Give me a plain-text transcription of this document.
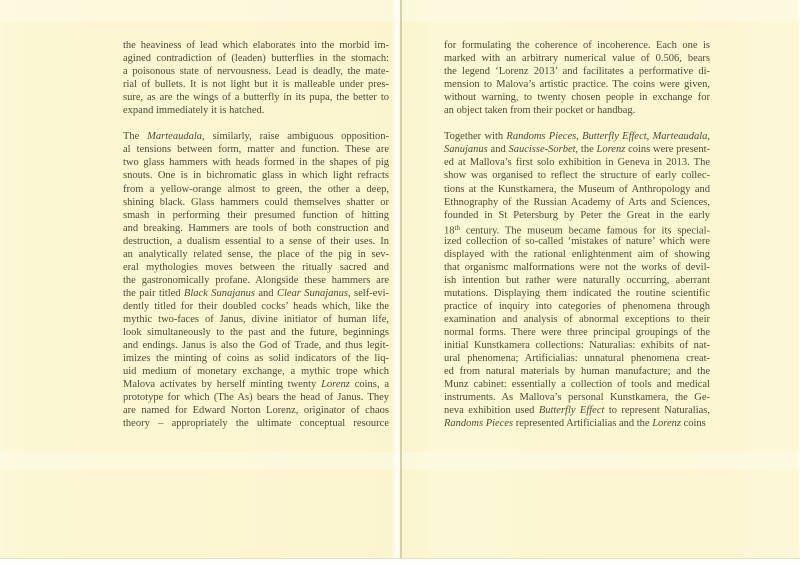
the heaviness of lead which elaborates into the morbid im-
agined contradiction of (leaden) butterflies in the stomach:
a poisonous state of nervousness. Lead is deadly, the mate-
rial of bullets. It is not light but it is malleable under pres-
sure, as are the wings of a butterfly in its pupa, the better to
expand immediately it is hatched.
The Marteaudala, similarly, raise ambiguous opposition-
al tensions between form, matter and function. These are
two glass hammers with heads formed in the shapes of pig
snouts. One is in bichromatic glass in which light refracts
from a yellow-orange almost to green, the other a deep,
shining black. Glass hammers could themselves shatter or
smash in performing their presumed function of hitting
and breaking. Hammers are tools of both construction and
destruction, a dualism essential to a sense of their uses. In
an analytically related sense, the place of the pig in sev-
eral mythologies moves between the ritually sacred and
the gastronomically profane. Alongside these hammers are
the pair titled Black Sunajanus and Clear Sunajanus, self-evi-
dently titled for their doubled cocks’ heads which, like the
mythic two-faces of Janus, divine initiator of human life,
look simultaneously to the past and the future, beginnings
and endings. Janus is also the God of Trade, and thus legit-
imizes the minting of coins as solid indicators of the liq-
uid medium of monetary exchange, a mythic trope which
Malova activates by herself minting twenty Lorenz coins, a
prototype for which (The As) bears the head of Janus. They
are named for Edward Norton Lorenz, originator of chaos
theory – appropriately the ultimate conceptual resource
for formulating the coherence of incoherence. Each one is
marked with an arbitrary numerical value of 0.506, bears
the legend ‘Lorenz 2013’ and facilitates a performative di-
mension to Malova’s artistic practice. The coins were given,
without warning, to twenty chosen people in exchange for
an object taken from their pocket or handbag.
Together with Randoms Pieces, Butterfly Effect, Marteaudala,
Sanujanus and Saucisse-Sorbet, the Lorenz coins were present-
ed at Mallova’s first solo exhibition in Geneva in 2013. The
show was organised to reflect the structure of early collec-
tions at the Kunstkamera, the Museum of Anthropology and
Ethnography of the Russian Academy of Arts and Sciences,
founded in St Petersburg by Peter the Great in the early
18th century. The museum became famous for its special-
ized collection of so-called ‘mistakes of nature’ which were
displayed with the rational enlightenment aim of showing
that organismc malformations were not the works of devil-
ish intention but rather were naturally occurring, aberrant
mutations. Displaying them indicated the routine scientific
practice of inquiry into categories of phenomena through
examination and analysis of abnormal exceptions to their
normal forms. There were three principal groupings of the
initial Kunstkamera collections: Naturalias: exhibits of nat-
ural phenomena; Artificialias: unnatural phenomena creat-
ed from natural materials by human manufacture; and the
Munz cabinet: essentially a collection of tools and medical
instruments. As Mallova’s personal Kunstkamera, the Ge-
neva exhibition used Butterfly Effect to represent Naturalias,
Randoms Pieces represented Artificialias and the Lorenz coins
